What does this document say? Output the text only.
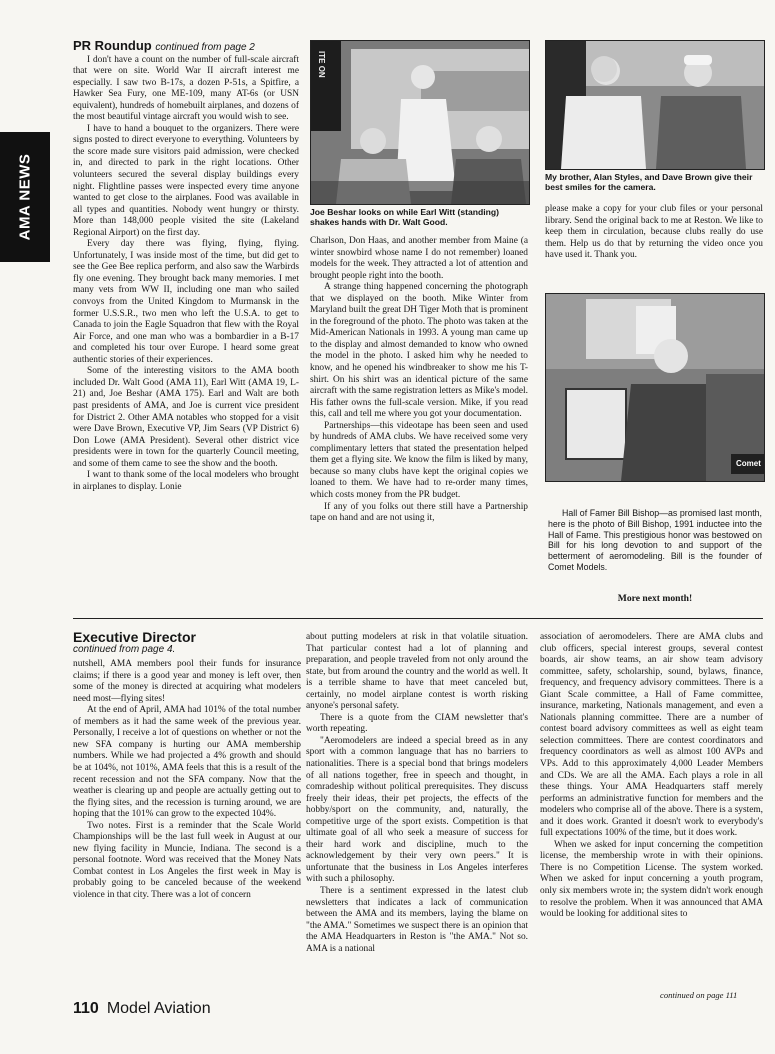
AMA NEWS
PR Roundup continued from page 2

I don't have a count on the number of full-scale aircraft that were on site. World War II aircraft interest me especially. I saw two B-17s, a dozen P-51s, a Spitfire, a Hawker Sea Fury, one ME-109, many AT-6s (or USN equivalent), hundreds of homebuilt airplanes, and dozens of the most beautiful vintage aircraft you would wish to see.

I have to hand a bouquet to the organizers. There were signs posted to direct everyone to everything. Volunteers by the score made sure visitors paid admission, were checked in, and directed to park in the right locations. Other volunteers secured the several display buildings every night. Flightline passes were inspected every time anyone wanted to get close to the airplanes. Food was available in all types and quantities. Nobody went hungry or thirsty. More than 148,000 people visited the site (Lakeland Regional Airport) on the first day.

Every day there was flying, flying, flying. Unfortunately, I was inside most of the time, but did get to see the Gee Bee replica perform, and also saw the Warbirds fly one evening. They brought back many memories. I met many vets from WW II, including one man who sailed convoys from the United Kingdom to Murmansk in the former U.S.S.R., two men who left the U.S.A. to get to Canada to join the Eagle Squadron that flew with the Royal Air Force, and one man who was a bombardier in a B-17 and completed his tour over Europe. I heard some great authentic stories of their experiences.

Some of the interesting visitors to the AMA booth included Dr. Walt Good (AMA 11), Earl Witt (AMA 19, L-21) and, Joe Beshar (AMA 175). Earl and Walt are both past presidents of AMA, and Joe is current vice president for District 2. Other AMA notables who stopped for a visit were Dave Brown, Executive VP, Jim Sears (VP District 6) Don Lowe (AMA President). Several other district vice presidents were in town for the quarterly Council meeting, and some of them came to see the show and the booth.

I want to thank some of the local modelers who brought in airplanes to display. Lonie

ITE ON
Joe Beshar looks on while Earl Witt (standing) shakes hands with Dr. Walt Good.
My brother, Alan Styles, and Dave Brown give their best smiles for the camera.

Charlson, Don Haas, and another member from Maine (a winter snowbird whose name I do not remember) loaned models for the week. They attracted a lot of attention and brought people right into the booth.

A strange thing happened concerning the photograph that we displayed on the booth. Mike Winter from Maryland built the great DH Tiger Moth that is prominent in the foreground of the photo. The photo was taken at the Mid-American Nationals in 1993. A young man came up to the display and almost demanded to know who owned the model in the photo. I asked him why he needed to know, and he opened his windbreaker to show me his T-shirt. On his shirt was an identical picture of the same aircraft with the same registration letters as Mike's model. His father owns the full-scale version. Mike, if you read this, call and tell me where you got your documentation.

Partnerships—this videotape has been seen and used by hundreds of AMA clubs. We have received some very complimentary letters that stated the presentation helped them get a flying site. We know the film is liked by many, because so many clubs have kept the original copies we loaned to them. We have had to re-order many times, which costs money from the PR budget.

If any of you folks out there still have a Partnership tape on hand and are not using it,

please make a copy for your club files or your personal library. Send the original back to me at Reston. We like to keep them in circulation, because clubs really do use them. Help us do that by returning the video once you have used it. Thank you.

Comet

Hall of Famer Bill Bishop—as promised last month, here is the photo of Bill Bishop, 1991 inductee into the Hall of Fame. This prestigious honor was bestowed on Bill for his long devotion to and support of the betterment of aeromodeling. Bill is the founder of Comet Models.

More next month!
Executive Director
continued from page 4.

nutshell, AMA members pool their funds for insurance claims; if there is a good year and money is left over, then some of the money is directed at acquiring what modelers need most—flying sites!

At the end of April, AMA had 101% of the total number of members as it had the same week of the previous year. Personally, I receive a lot of questions on whether or not the new SFA company is hurting our AMA membership numbers. While we had projected a 4% growth and should be at 104%, not 101%, AMA feels that this is a result of the recent recession and not the SFA company. Now that the weather is clearing up and people are actually getting out to the flying sites, and the recession is turning around, we are hoping that the 101% can grow to the expected 104%.

Two notes. First is a reminder that the Scale World Championships will be the last full week in August at our new flying facility in Muncie, Indiana. The second is a personal footnote. Word was received that the Money Nats Combat contest in Los Angeles the first week in May is probably going to be canceled because of the weekend violence in that city. There was a lot of concern

about putting modelers at risk in that volatile situation. That particular contest had a lot of planning and preparation, and people traveled from not only around the state, but from around the country and the world as well. It is a terrible shame to have that meet canceled but, certainly, no model airplane contest is worth risking anyone's personal safety.

There is a quote from the CIAM newsletter that's worth repeating.

"Aeromodelers are indeed a special breed as in any sport with a common language that has no barriers to nationalities. There is a special bond that brings modelers of all nations together, free in speech and thought, in comradeship without political prerequisites. They discuss freely their ideas, their pet projects, the effects of the hobby/sport on the community, and, naturally, the competitive urge of the sport exists. Competition is that ultimate goal of all who seek a measure of success for their hard work and discipline, much to the acknowledgement by their very own peers." It is unfortunate that the business in Los Angeles interferes with such a philosophy.

There is a sentiment expressed in the latest club newsletters that indicates a lack of communication between the AMA and its members, laying the blame on "the AMA." Sometimes we suspect there is an opinion that the AMA Headquarters in Reston is "the AMA." Not so. AMA is a national

association of aeromodelers. There are AMA clubs and club officers, special interest groups, several contest boards, air show teams, an air show team advisory committee, safety, scholarship, sound, bylaws, finance, frequency, and frequency advisory committees. There is a Giant Scale committee, a Hall of Fame committee, insurance, marketing, Nationals management, and even a Nationals planning committee. There are a number of contest board advisory committees as well as eight team selection committees. There are contest coordinators and frequency coordinators as well as almost 100 AVPs and VPs. Add to this approximately 4,000 Leader Members and CDs. We are all the AMA. Each plays a role in all these things. Your AMA Headquarters staff merely performs an administrative function for members and the modelers who comprise all of the above. There is a system, and it does work. Granted it doesn't work to everybody's full expectations 100% of the time, but it does work.

When we asked for input concerning the competition license, the membership wrote in with their opinions. There is no Competition License. The system worked. When we asked for input concerning a youth program, only six members wrote in; the system didn't work enough to resolve the problem. When it was announced that AMA would be looking for additional sites to

continued on page 111
110 Model Aviation
